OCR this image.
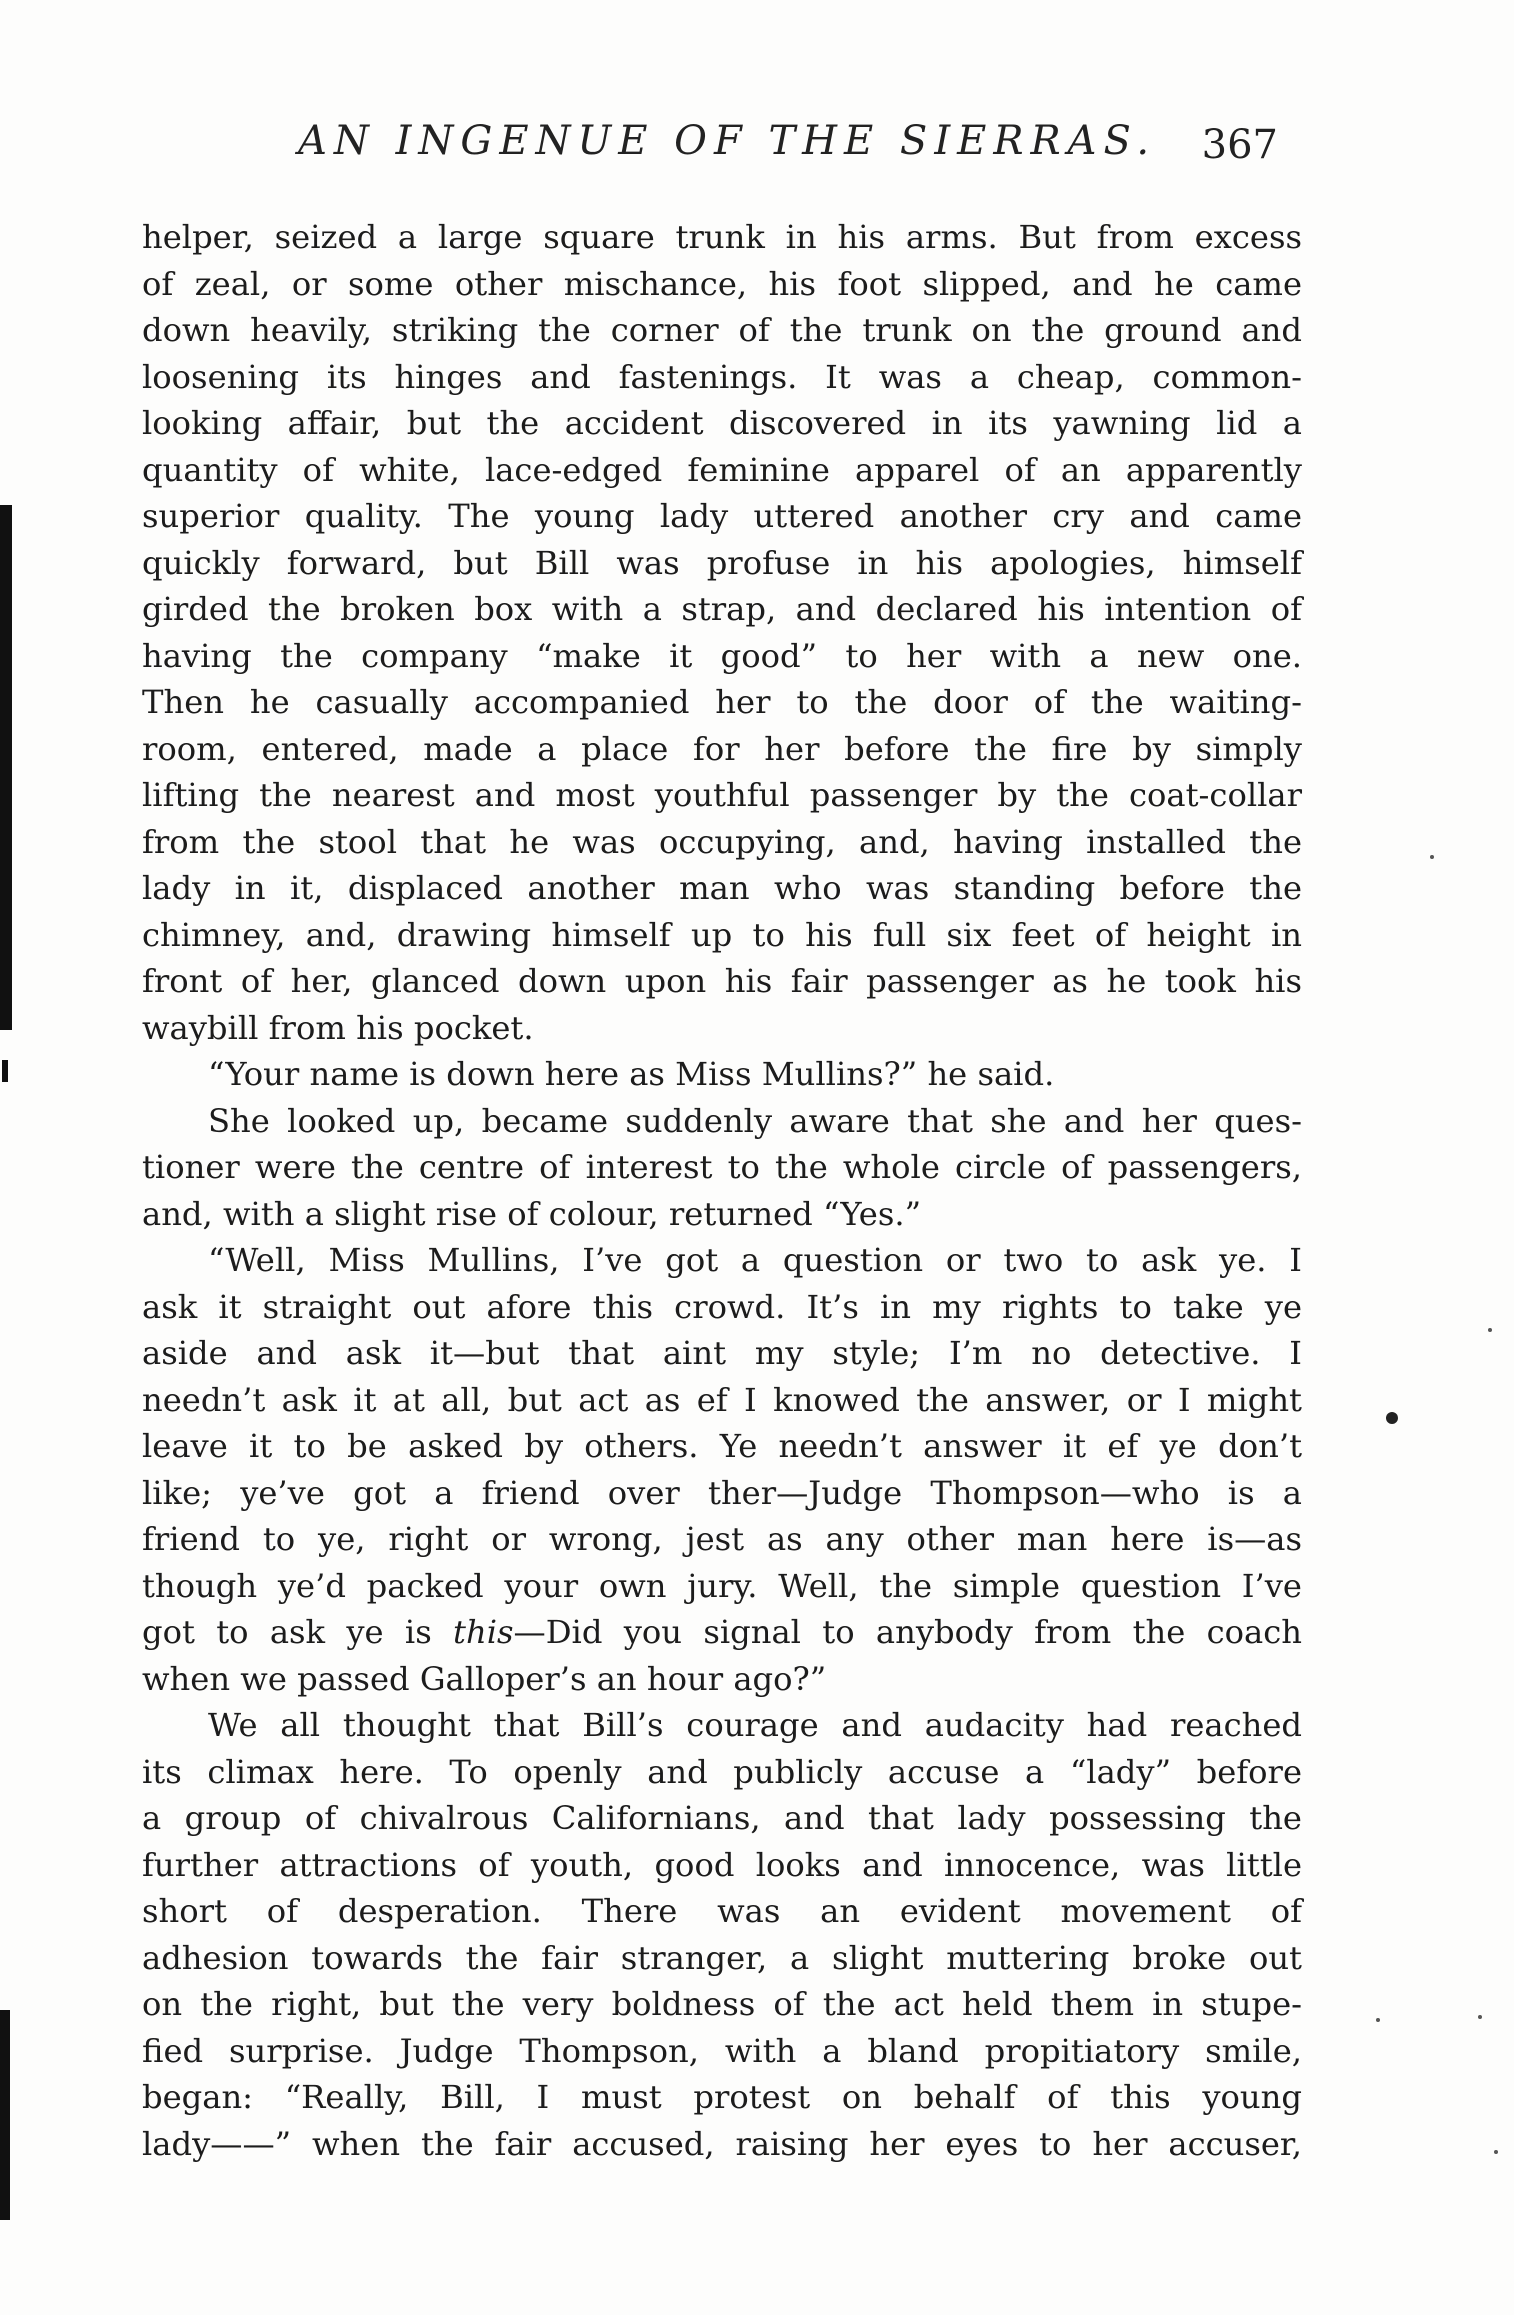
AN INGENUE OF THE SIERRAS. 367
helper, seized a large square trunk in his arms. But from excess
of zeal, or some other mischance, his foot slipped, and he came
down heavily, striking the corner of the trunk on the ground and
loosening its hinges and fastenings. It was a cheap, common-
looking affair, but the accident discovered in its yawning lid a
quantity of white, lace-edged feminine apparel of an apparently
superior quality. The young lady uttered another cry and came
quickly forward, but Bill was profuse in his apologies, himself
girded the broken box with a strap, and declared his intention of
having the company “make it good” to her with a new one.
Then he casually accompanied her to the door of the waiting-
room, entered, made a place for her before the fire by simply
lifting the nearest and most youthful passenger by the coat-collar
from the stool that he was occupying, and, having installed the
lady in it, displaced another man who was standing before the
chimney, and, drawing himself up to his full six feet of height in
front of her, glanced down upon his fair passenger as he took his
waybill from his pocket.
“Your name is down here as Miss Mullins?” he said.
She looked up, became suddenly aware that she and her ques-
tioner were the centre of interest to the whole circle of passengers,
and, with a slight rise of colour, returned “Yes.”
“Well, Miss Mullins, I’ve got a question or two to ask ye. I
ask it straight out afore this crowd. It’s in my rights to take ye
aside and ask it—but that aint my style; I’m no detective. I
needn’t ask it at all, but act as ef I knowed the answer, or I might
leave it to be asked by others. Ye needn’t answer it ef ye don’t
like; ye’ve got a friend over ther—Judge Thompson—who is a
friend to ye, right or wrong, jest as any other man here is—as
though ye’d packed your own jury. Well, the simple question I’ve
got to ask ye is this—Did you signal to anybody from the coach
when we passed Galloper’s an hour ago?”
We all thought that Bill’s courage and audacity had reached
its climax here. To openly and publicly accuse a “lady” before
a group of chivalrous Californians, and that lady possessing the
further attractions of youth, good looks and innocence, was little
short of desperation. There was an evident movement of
adhesion towards the fair stranger, a slight muttering broke out
on the right, but the very boldness of the act held them in stupe-
fied surprise. Judge Thompson, with a bland propitiatory smile,
began: “Really, Bill, I must protest on behalf of this young
lady——” when the fair accused, raising her eyes to her accuser,
